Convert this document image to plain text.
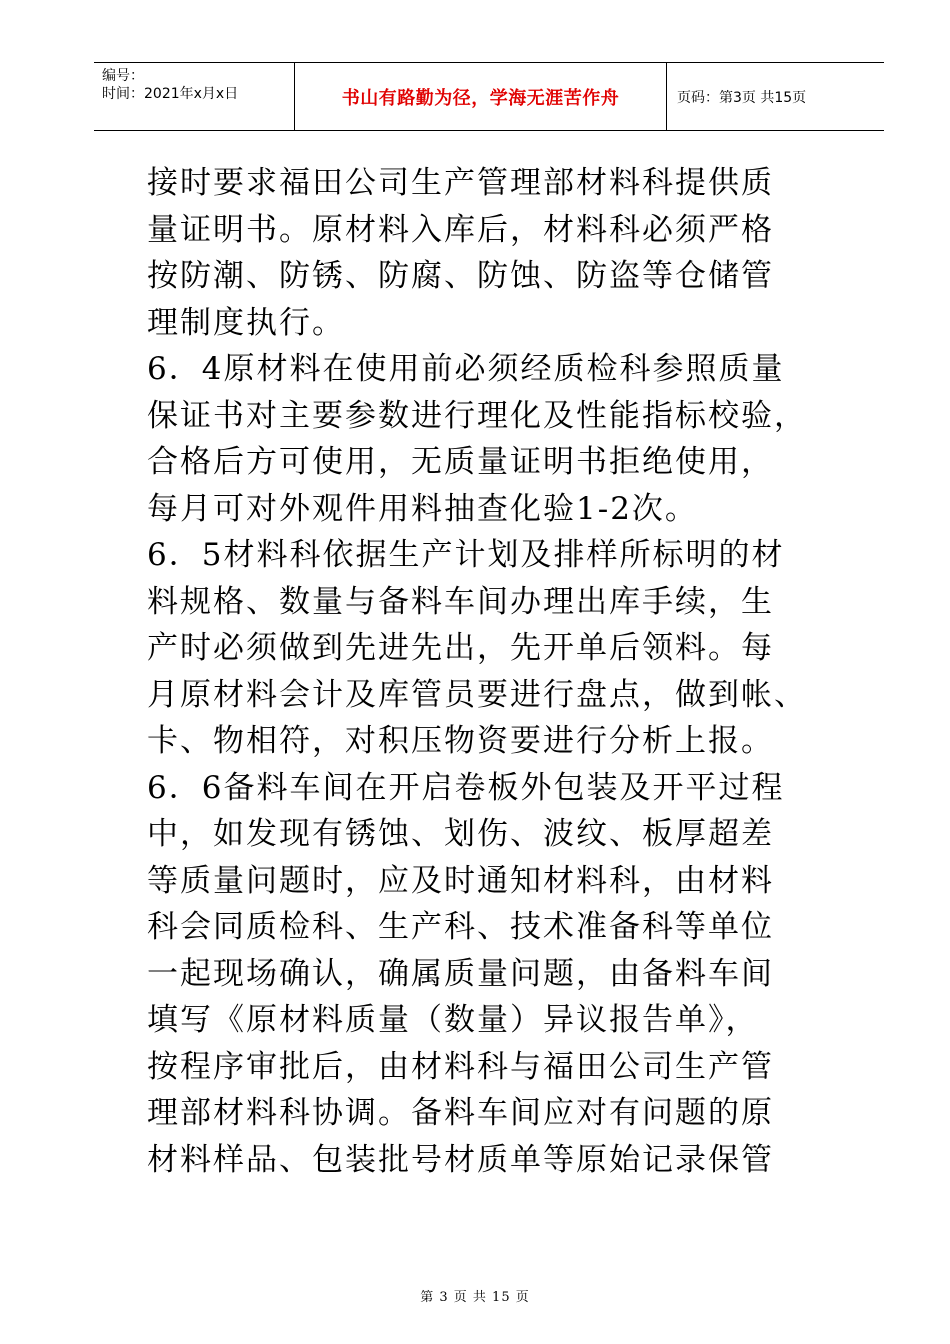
编号：
时间：2021年x月x日	书山有路勤为径，学海无涯苦作舟	页码：第3页 共15页

接时要求福田公司生产管理部材料科提供质

量证明书。原材料入库后，材料科必须严格

按防潮、防锈、防腐、防蚀、防盗等仓储管

理制度执行。

6．4原材料在使用前必须经质检科参照质量

保证书对主要参数进行理化及性能指标校验，

合格后方可使用，无质量证明书拒绝使用，

每月可对外观件用料抽查化验1-2次。

6．5材料科依据生产计划及排样所标明的材

料规格、数量与备料车间办理出库手续，生

产时必须做到先进先出，先开单后领料。每

月原材料会计及库管员要进行盘点，做到帐、

卡、物相符，对积压物资要进行分析上报。

6．6备料车间在开启卷板外包装及开平过程

中，如发现有锈蚀、划伤、波纹、板厚超差

等质量问题时，应及时通知材料科，由材料

科会同质检科、生产科、技术准备科等单位

一起现场确认，确属质量问题，由备料车间

填写《原材料质量（数量）异议报告单》，

按程序审批后，由材料科与福田公司生产管

理部材料科协调。备料车间应对有问题的原

材料样品、包装批号材质单等原始记录保管

第 3 页 共 15 页
